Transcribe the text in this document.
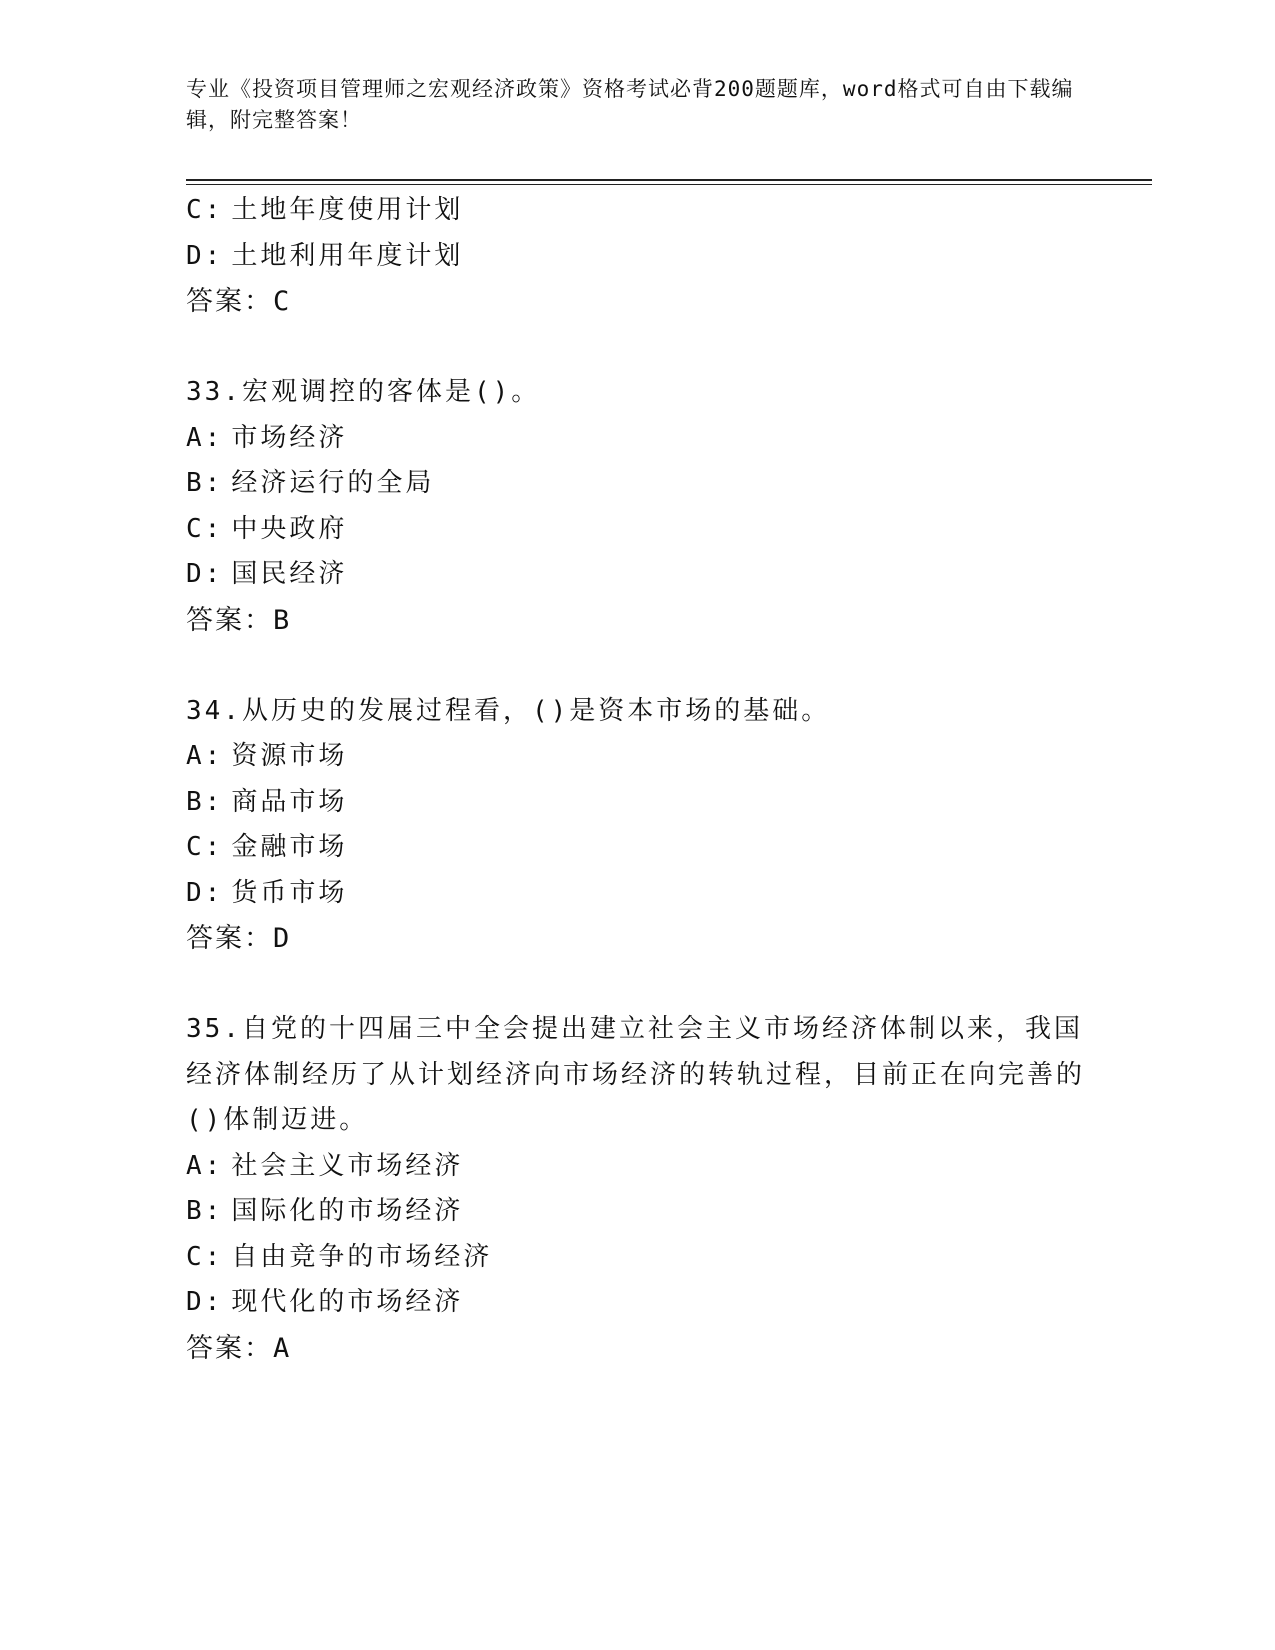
专业《投资项目管理师之宏观经济政策》资格考试必背200题题库，word格式可自由下载编辑，附完整答案！
C: 土地年度使用计划
D: 土地利用年度计划
答案：C
33.宏观调控的客体是()。
A: 市场经济
B: 经济运行的全局
C: 中央政府
D: 国民经济
答案：B
34.从历史的发展过程看，()是资本市场的基础。
A: 资源市场
B: 商品市场
C: 金融市场
D: 货币市场
答案：D
35.自党的十四届三中全会提出建立社会主义市场经济体制以来，我国经济体制经历了从计划经济向市场经济的转轨过程，目前正在向完善的()体制迈进。
A: 社会主义市场经济
B: 国际化的市场经济
C: 自由竞争的市场经济
D: 现代化的市场经济
答案：A
